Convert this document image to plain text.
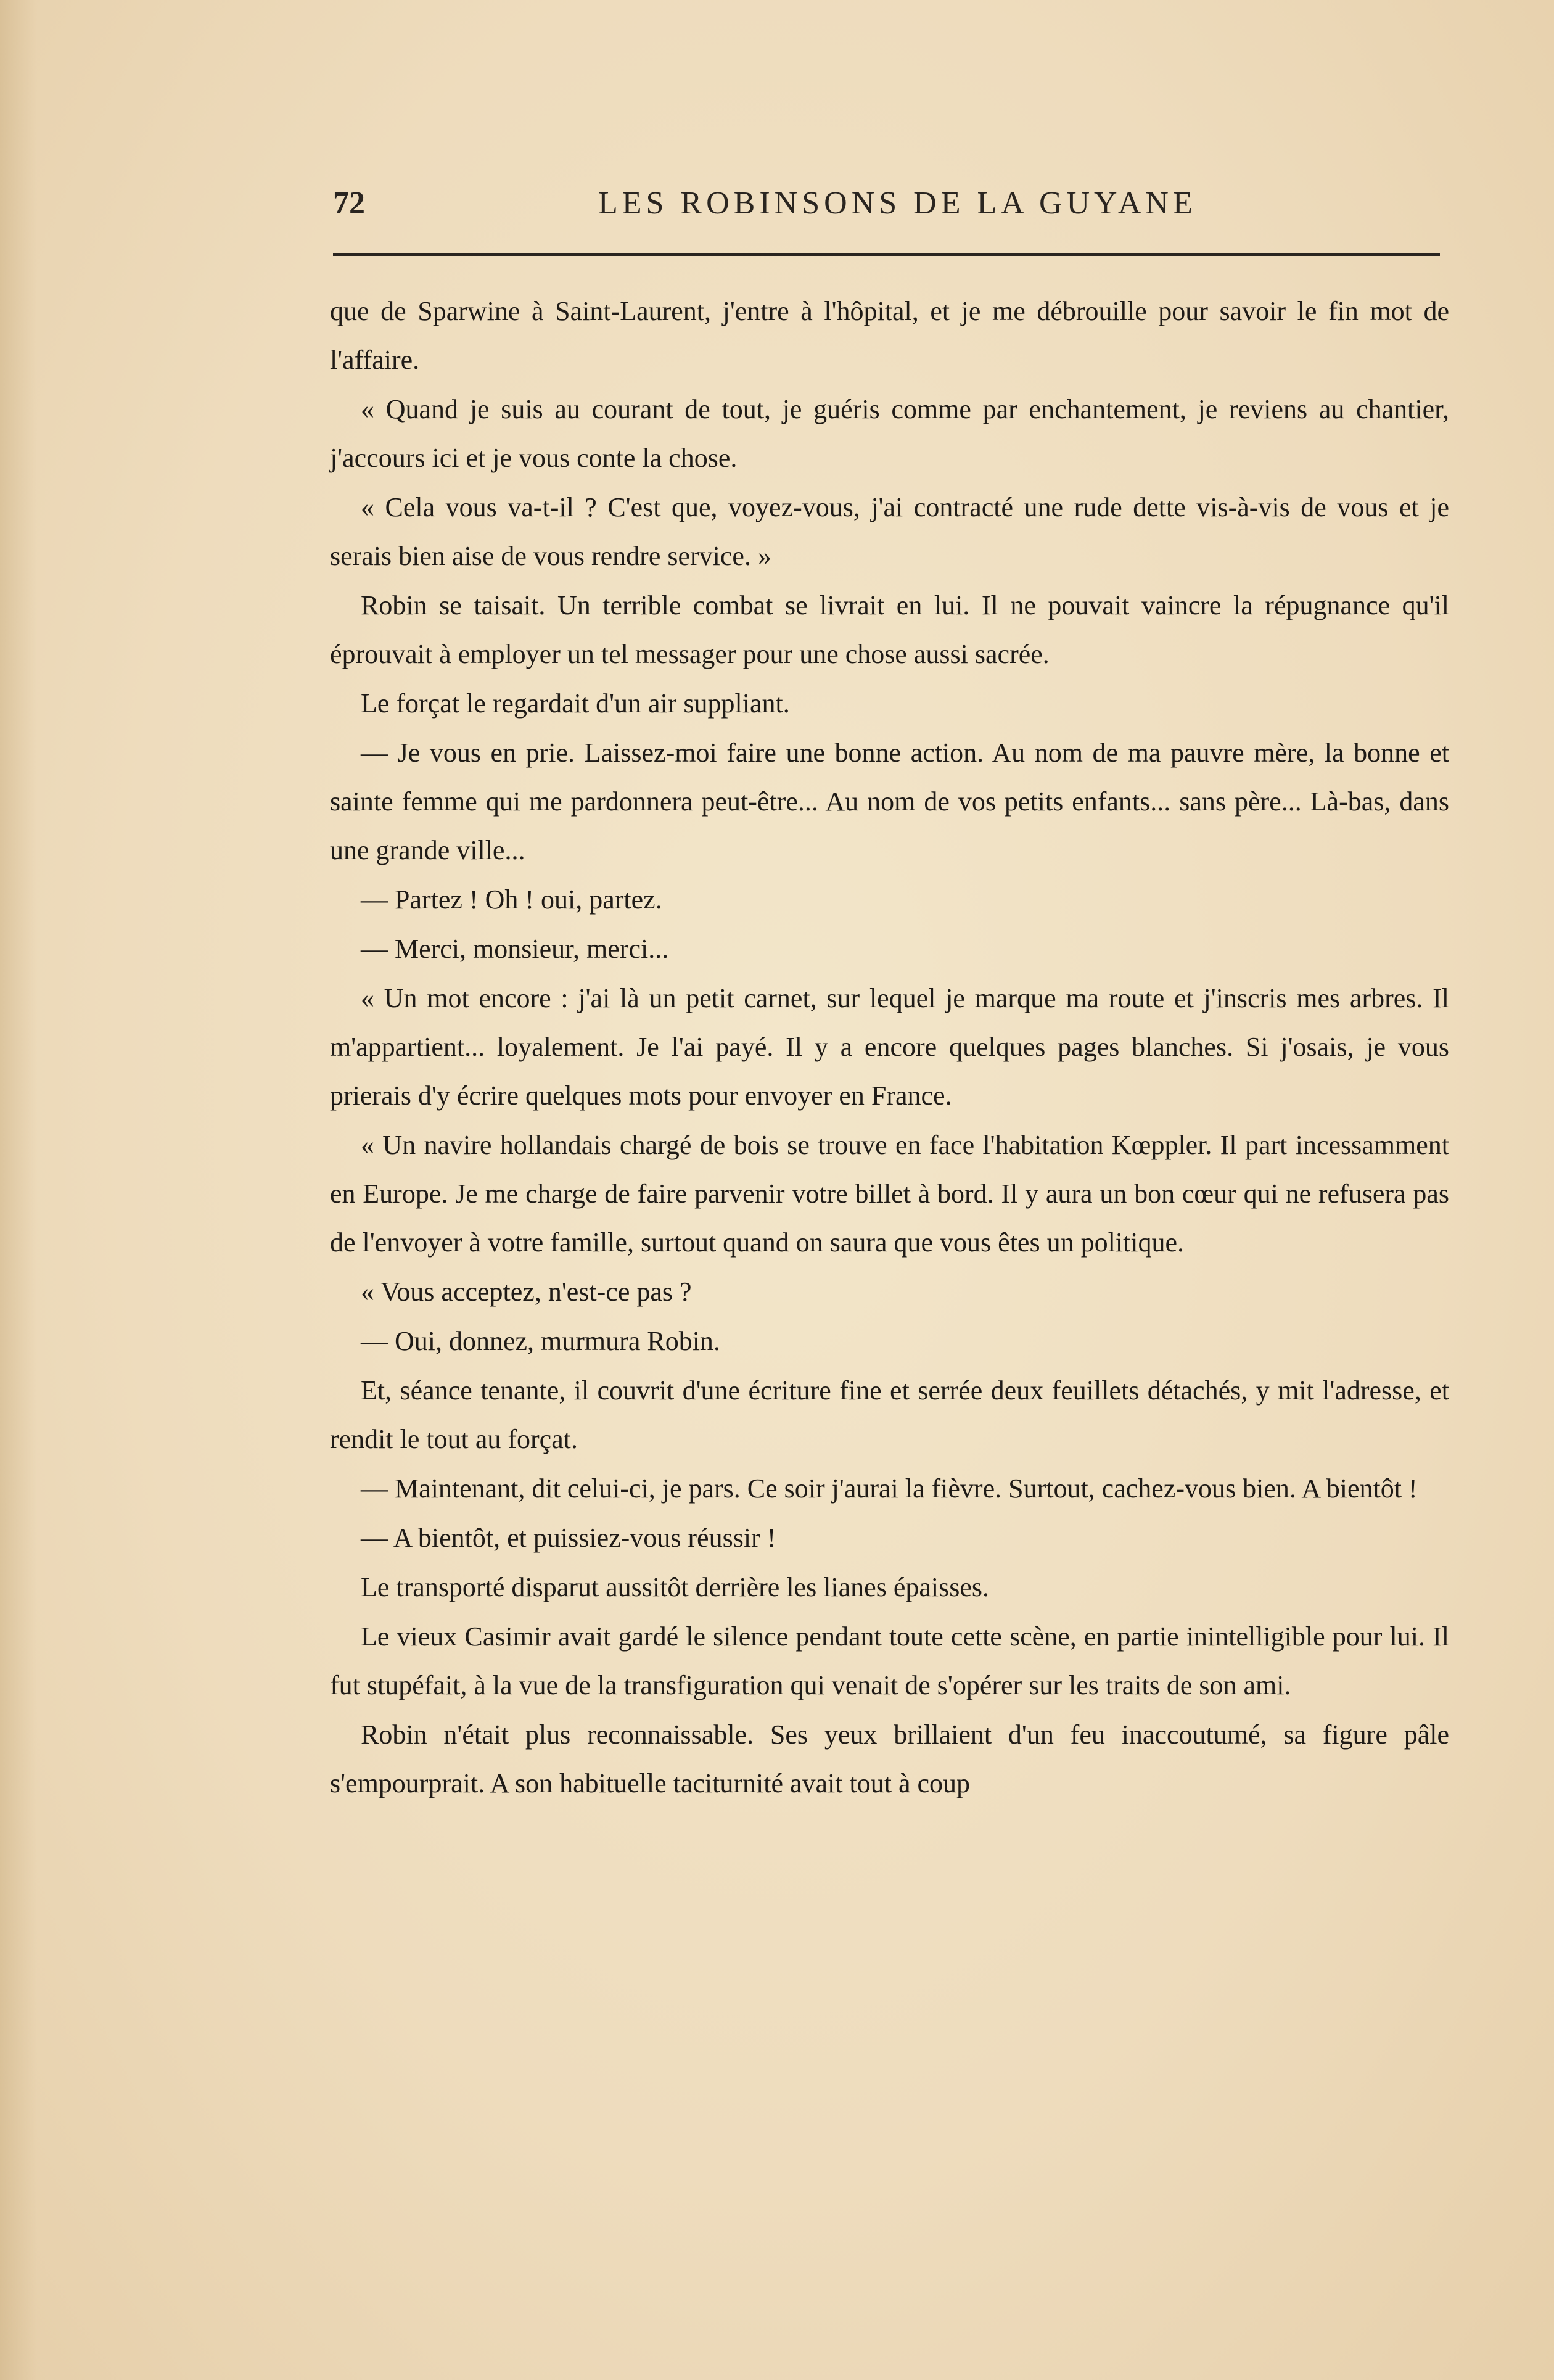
72	LES ROBINSONS DE LA GUYANE

que de Sparwine à Saint-Laurent, j'entre à l'hôpital, et je me débrouille pour savoir le fin mot de l'affaire.

« Quand je suis au courant de tout, je guéris comme par enchantement, je reviens au chantier, j'accours ici et je vous conte la chose.

« Cela vous va-t-il ? C'est que, voyez-vous, j'ai contracté une rude dette vis-à-vis de vous et je serais bien aise de vous rendre service. »

Robin se taisait. Un terrible combat se livrait en lui. Il ne pouvait vaincre la répugnance qu'il éprouvait à employer un tel messager pour une chose aussi sacrée.

Le forçat le regardait d'un air suppliant.

— Je vous en prie. Laissez-moi faire une bonne action. Au nom de ma pauvre mère, la bonne et sainte femme qui me pardonnera peut-être... Au nom de vos petits enfants... sans père... Là-bas, dans une grande ville...

— Partez ! Oh ! oui, partez.

— Merci, monsieur, merci...

« Un mot encore : j'ai là un petit carnet, sur lequel je marque ma route et j'inscris mes arbres. Il m'appartient... loyalement. Je l'ai payé. Il y a encore quelques pages blanches. Si j'osais, je vous prierais d'y écrire quelques mots pour envoyer en France.

« Un navire hollandais chargé de bois se trouve en face l'habitation Kœppler. Il part incessamment en Europe. Je me charge de faire parvenir votre billet à bord. Il y aura un bon cœur qui ne refusera pas de l'envoyer à votre famille, surtout quand on saura que vous êtes un politique.

« Vous acceptez, n'est-ce pas ?

— Oui, donnez, murmura Robin.

Et, séance tenante, il couvrit d'une écriture fine et serrée deux feuillets détachés, y mit l'adresse, et rendit le tout au forçat.

— Maintenant, dit celui-ci, je pars. Ce soir j'aurai la fièvre. Surtout, cachez-vous bien. A bientôt !

— A bientôt, et puissiez-vous réussir !

Le transporté disparut aussitôt derrière les lianes épaisses.

Le vieux Casimir avait gardé le silence pendant toute cette scène, en partie inintelligible pour lui. Il fut stupéfait, à la vue de la transfiguration qui venait de s'opérer sur les traits de son ami.

Robin n'était plus reconnaissable. Ses yeux brillaient d'un feu inaccoutumé, sa figure pâle s'empourprait. A son habituelle taciturnité avait tout à coup
